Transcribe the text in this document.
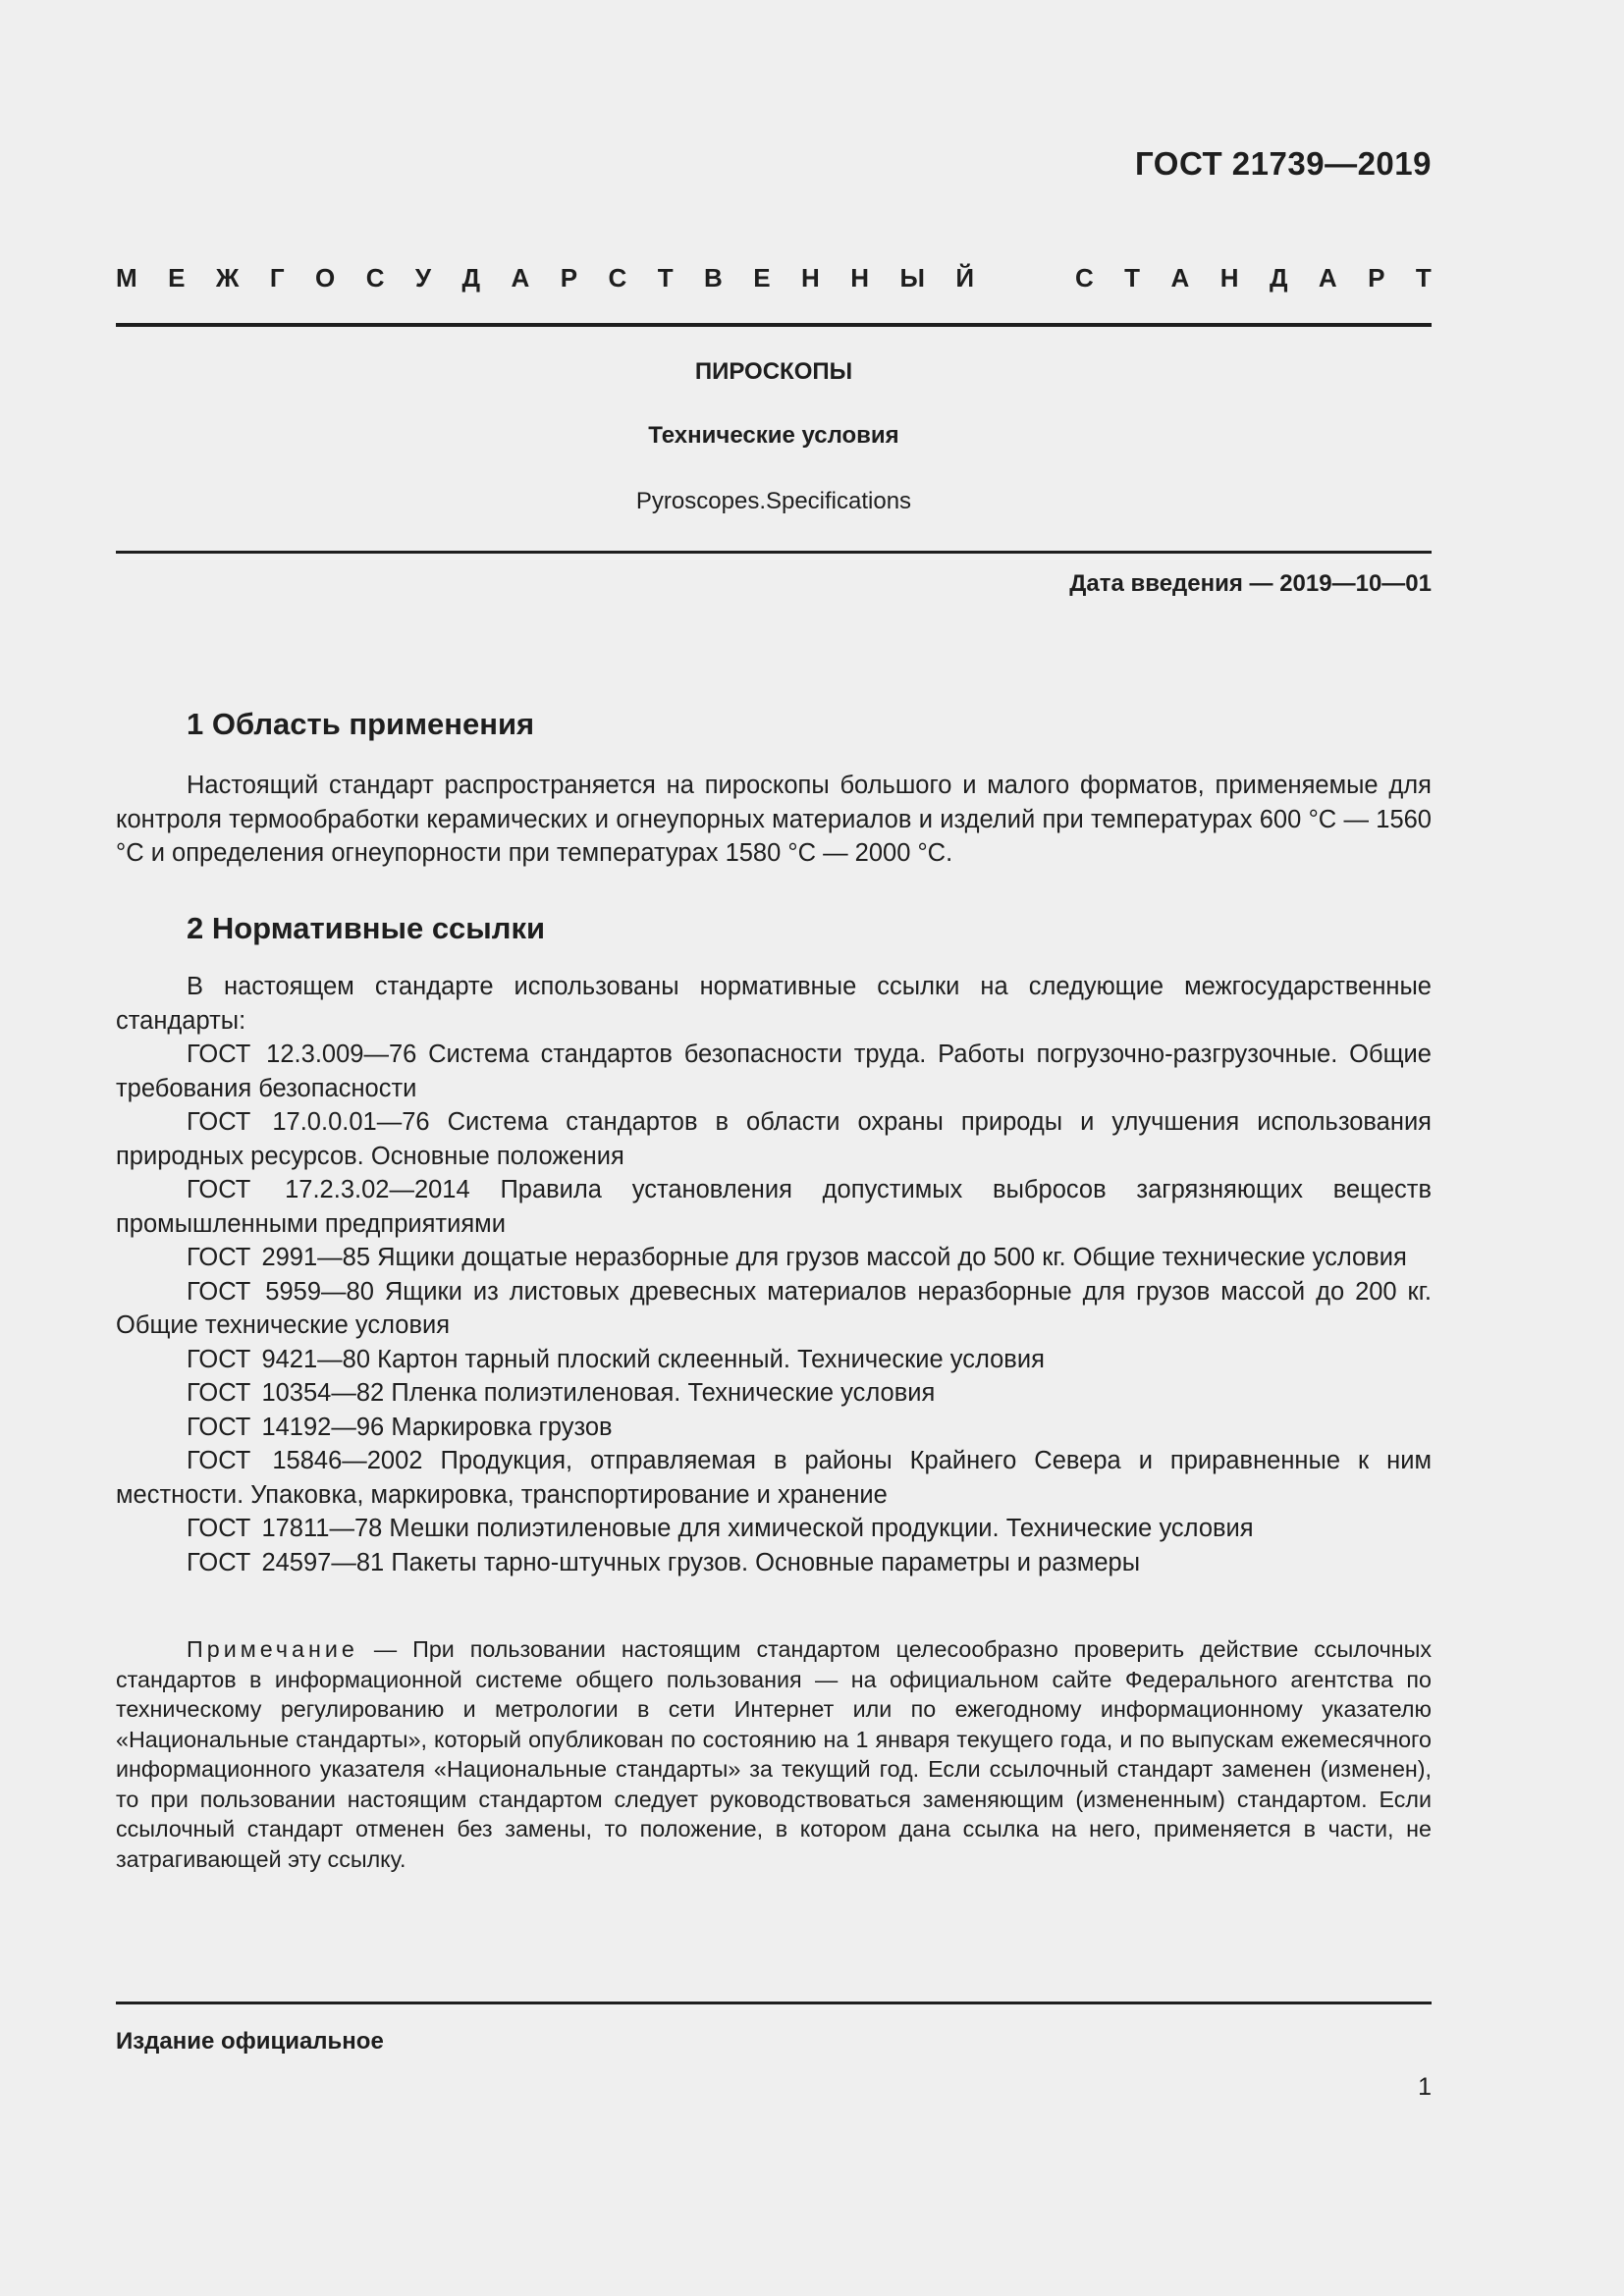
ГОСТ 21739—2019

М Е Ж Г О С У Д А Р С Т В Е Н Н Ы Й	С Т А Н Д А Р Т

ПИРОСКОПЫ

Технические условия

Pyroscopes.Specifications

Дата введения — 2019—10—01

1 Область применения

Настоящий стандарт распространяется на пироскопы большого и малого форматов, применяемые для контроля термообработки керамических и огнеупорных материалов и изделий при температурах 600 °C — 1560 °C и определения огнеупорности при температурах 1580 °C — 2000 °C.

2 Нормативные ссылки

В настоящем стандарте использованы нормативные ссылки на следующие межгосударственные стандарты:

ГОСТ 12.3.009—76 Система стандартов безопасности труда. Работы погрузочно-разгрузочные. Общие требования безопасности

ГОСТ 17.0.0.01—76 Система стандартов в области охраны природы и улучшения использования природных ресурсов. Основные положения

ГОСТ 17.2.3.02—2014 Правила установления допустимых выбросов загрязняющих веществ промышленными предприятиями

ГОСТ 2991—85 Ящики дощатые неразборные для грузов массой до 500 кг. Общие технические условия

ГОСТ 5959—80 Ящики из листовых древесных материалов неразборные для грузов массой до 200 кг. Общие технические условия

ГОСТ 9421—80 Картон тарный плоский склеенный. Технические условия

ГОСТ 10354—82 Пленка полиэтиленовая. Технические условия

ГОСТ 14192—96 Маркировка грузов

ГОСТ 15846—2002 Продукция, отправляемая в районы Крайнего Севера и приравненные к ним местности. Упаковка, маркировка, транспортирование и хранение

ГОСТ 17811—78 Мешки полиэтиленовые для химической продукции. Технические условия

ГОСТ 24597—81 Пакеты тарно-штучных грузов. Основные параметры и размеры

Примечание — При пользовании настоящим стандартом целесообразно проверить действие ссылочных стандартов в информационной системе общего пользования — на официальном сайте Федерального агентства по техническому регулированию и метрологии в сети Интернет или по ежегодному информационному указателю «Национальные стандарты», который опубликован по состоянию на 1 января текущего года, и по выпускам ежемесячного информационного указателя «Национальные стандарты» за текущий год. Если ссылочный стандарт заменен (изменен), то при пользовании настоящим стандартом следует руководствоваться заменяющим (измененным) стандартом. Если ссылочный стандарт отменен без замены, то положение, в котором дана ссылка на него, применяется в части, не затрагивающей эту ссылку.

Издание официальное

1
